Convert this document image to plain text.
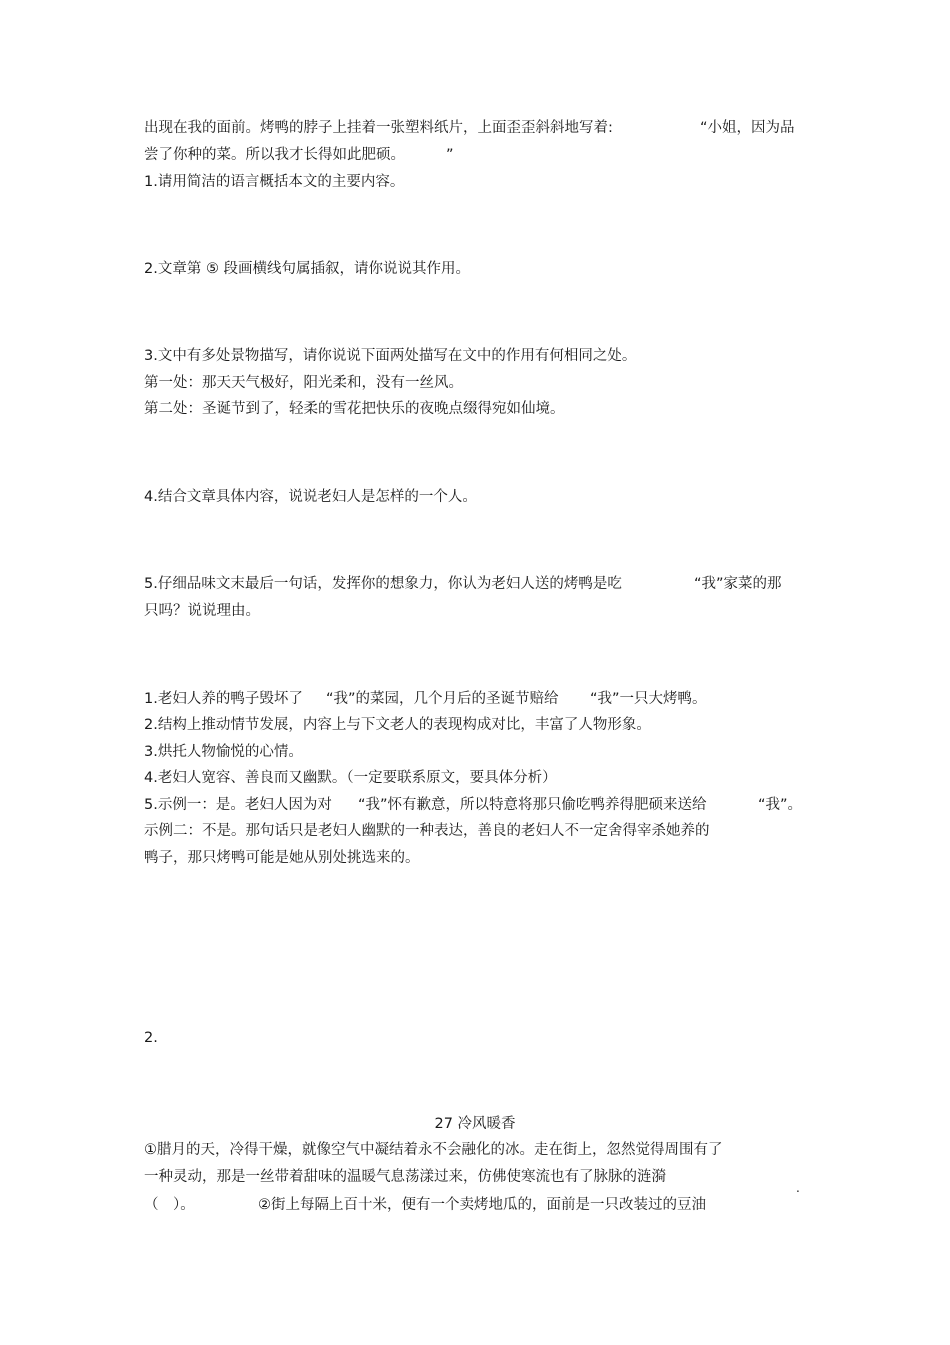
出现在我的面前。烤鸭的脖子上挂着一张塑料纸片，上面歪歪斜斜地写着:	“小姐，因为品
尝了你种的菜。所以我才长得如此肥硕。	”
1.请用简洁的语言概括本文的主要内容。
2.文章第 ⑤ 段画横线句属插叙，请你说说其作用。
3.文中有多处景物描写，请你说说下面两处描写在文中的作用有何相同之处。
第一处：那天天气极好，阳光柔和，没有一丝风。
第二处：圣诞节到了，轻柔的雪花把快乐的夜晚点缀得宛如仙境。
4.结合文章具体内容，说说老妇人是怎样的一个人。
5.仔细品味文末最后一句话，发挥你的想象力，你认为老妇人送的烤鸭是吃	“我”家菜的那
只吗？说说理由。
1.老妇人养的鸭子毁坏了 “我”的菜园，几个月后的圣诞节赔给 “我”一只大烤鸭。
2.结构上推动情节发展，内容上与下文老人的表现构成对比，丰富了人物形象。
3.烘托人物愉悦的心情。
4.老妇人宽容、善良而又幽默。（一定要联系原文，要具体分析）
5.示例一：是。老妇人因为对 “我”怀有歉意，所以特意将那只偷吃鸭养得肥硕来送给	“我”。
示例二：不是。那句话只是老妇人幽默的一种表达，善良的老妇人不一定舍得宰杀她养的
鸭子，那只烤鸭可能是她从别处挑选来的。
2.
27 冷风暖香
①腊月的天，冷得干燥，就像空气中凝结着永不会融化的冰。走在街上，忽然觉得周围有了
一种灵动，那是一丝带着甜味的温暖气息荡漾过来，仿佛使寒流也有了脉脉的涟漪
.
（　）。	②街上每隔上百十米，便有一个卖烤地瓜的，面前是一只改装过的豆油
